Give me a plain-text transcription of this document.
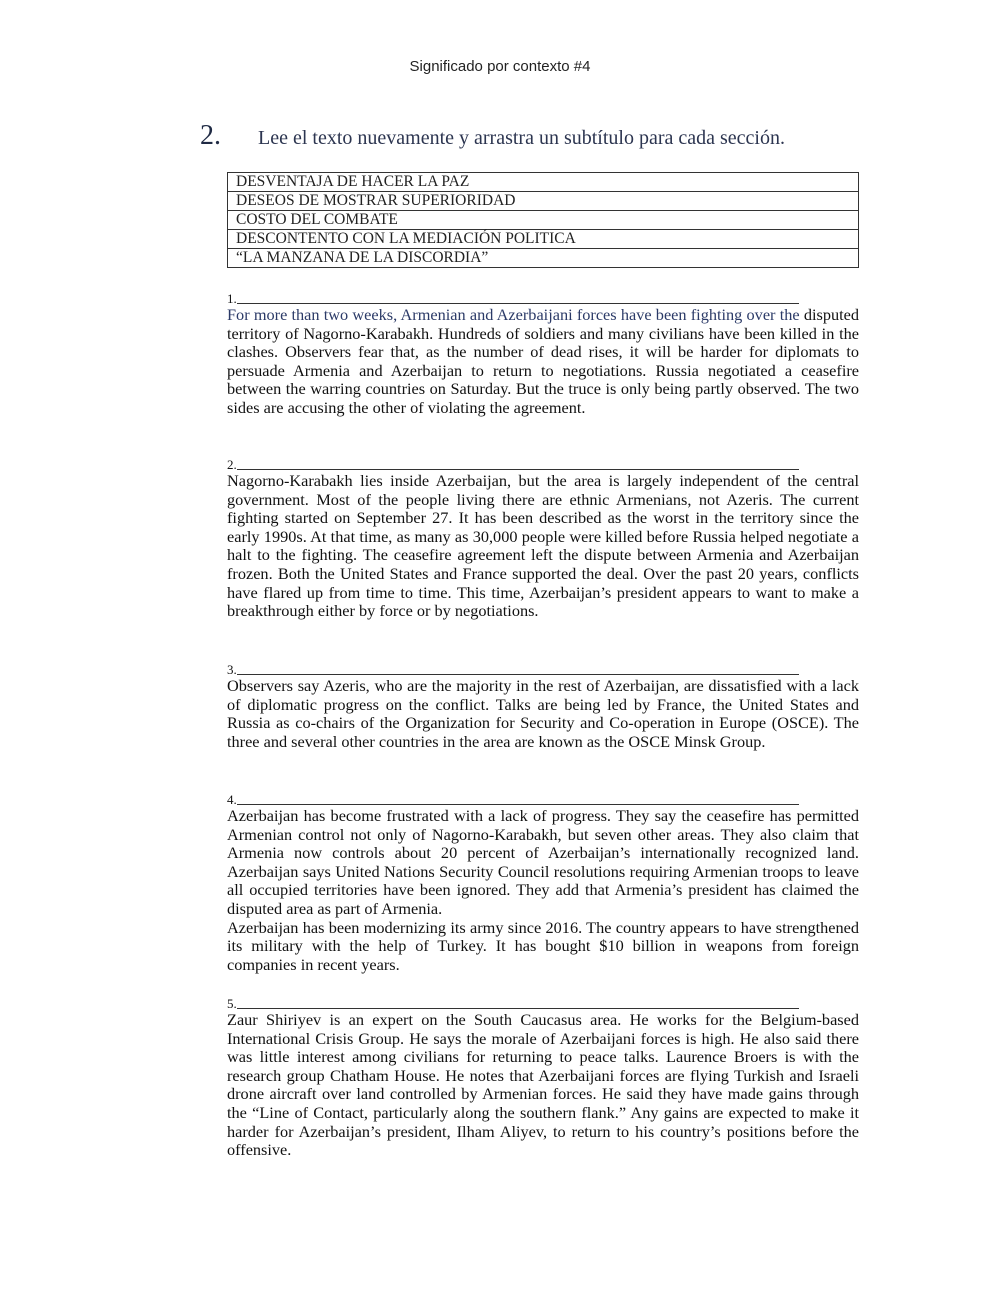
Significado por contexto #4
2. Lee el texto nuevamente y arrastra un subtítulo para cada sección.
DESVENTAJA DE HACER LA PAZ
DESEOS DE MOSTRAR SUPERIORIDAD
COSTO DEL COMBATE
DESCONTENTO CON LA MEDIACIÓN POLITICA
“LA MANZANA DE LA DISCORDIA”
1.

For more than two weeks, Armenian and Azerbaijani forces have been fighting over the disputed territory of Nagorno-Karabakh. Hundreds of soldiers and many civilians have been killed in the clashes. Observers fear that, as the number of dead rises, it will be harder for diplomats to persuade Armenia and Azerbaijan to return to negotiations. Russia negotiated a ceasefire between the warring countries on Saturday. But the truce is only being partly observed. The two sides are accusing the other of violating the agreement.

2.

Nagorno-Karabakh lies inside Azerbaijan, but the area is largely independent of the central government. Most of the people living there are ethnic Armenians, not Azeris. The current fighting started on September 27. It has been described as the worst in the territory since the early 1990s. At that time, as many as 30,000 people were killed before Russia helped negotiate a halt to the fighting. The ceasefire agreement left the dispute between Armenia and Azerbaijan frozen. Both the United States and France supported the deal. Over the past 20 years, conflicts have flared up from time to time. This time, Azerbaijan’s president appears to want to make a breakthrough either by force or by negotiations.

3.

Observers say Azeris, who are the majority in the rest of Azerbaijan, are dissatisfied with a lack of diplomatic progress on the conflict. Talks are being led by France, the United States and Russia as co-chairs of the Organization for Security and Co-operation in Europe (OSCE). The three and several other countries in the area are known as the OSCE Minsk Group.

4.

Azerbaijan has become frustrated with a lack of progress. They say the ceasefire has permitted Armenian control not only of Nagorno-Karabakh, but seven other areas. They also claim that Armenia now controls about 20 percent of Azerbaijan’s internationally recognized land. Azerbaijan says United Nations Security Council resolutions requiring Armenian troops to leave all occupied territories have been ignored. They add that Armenia’s president has claimed the disputed area as part of Armenia.

Azerbaijan has been modernizing its army since 2016. The country appears to have strengthened its military with the help of Turkey. It has bought $10 billion in weapons from foreign companies in recent years.

5.

Zaur Shiriyev is an expert on the South Caucasus area. He works for the Belgium-based International Crisis Group. He says the morale of Azerbaijani forces is high. He also said there was little interest among civilians for returning to peace talks. Laurence Broers is with the research group Chatham House. He notes that Azerbaijani forces are flying Turkish and Israeli drone aircraft over land controlled by Armenian forces. He said they have made gains through the “Line of Contact, particularly along the southern flank.” Any gains are expected to make it harder for Azerbaijan’s president, Ilham Aliyev, to return to his country’s positions before the offensive.
